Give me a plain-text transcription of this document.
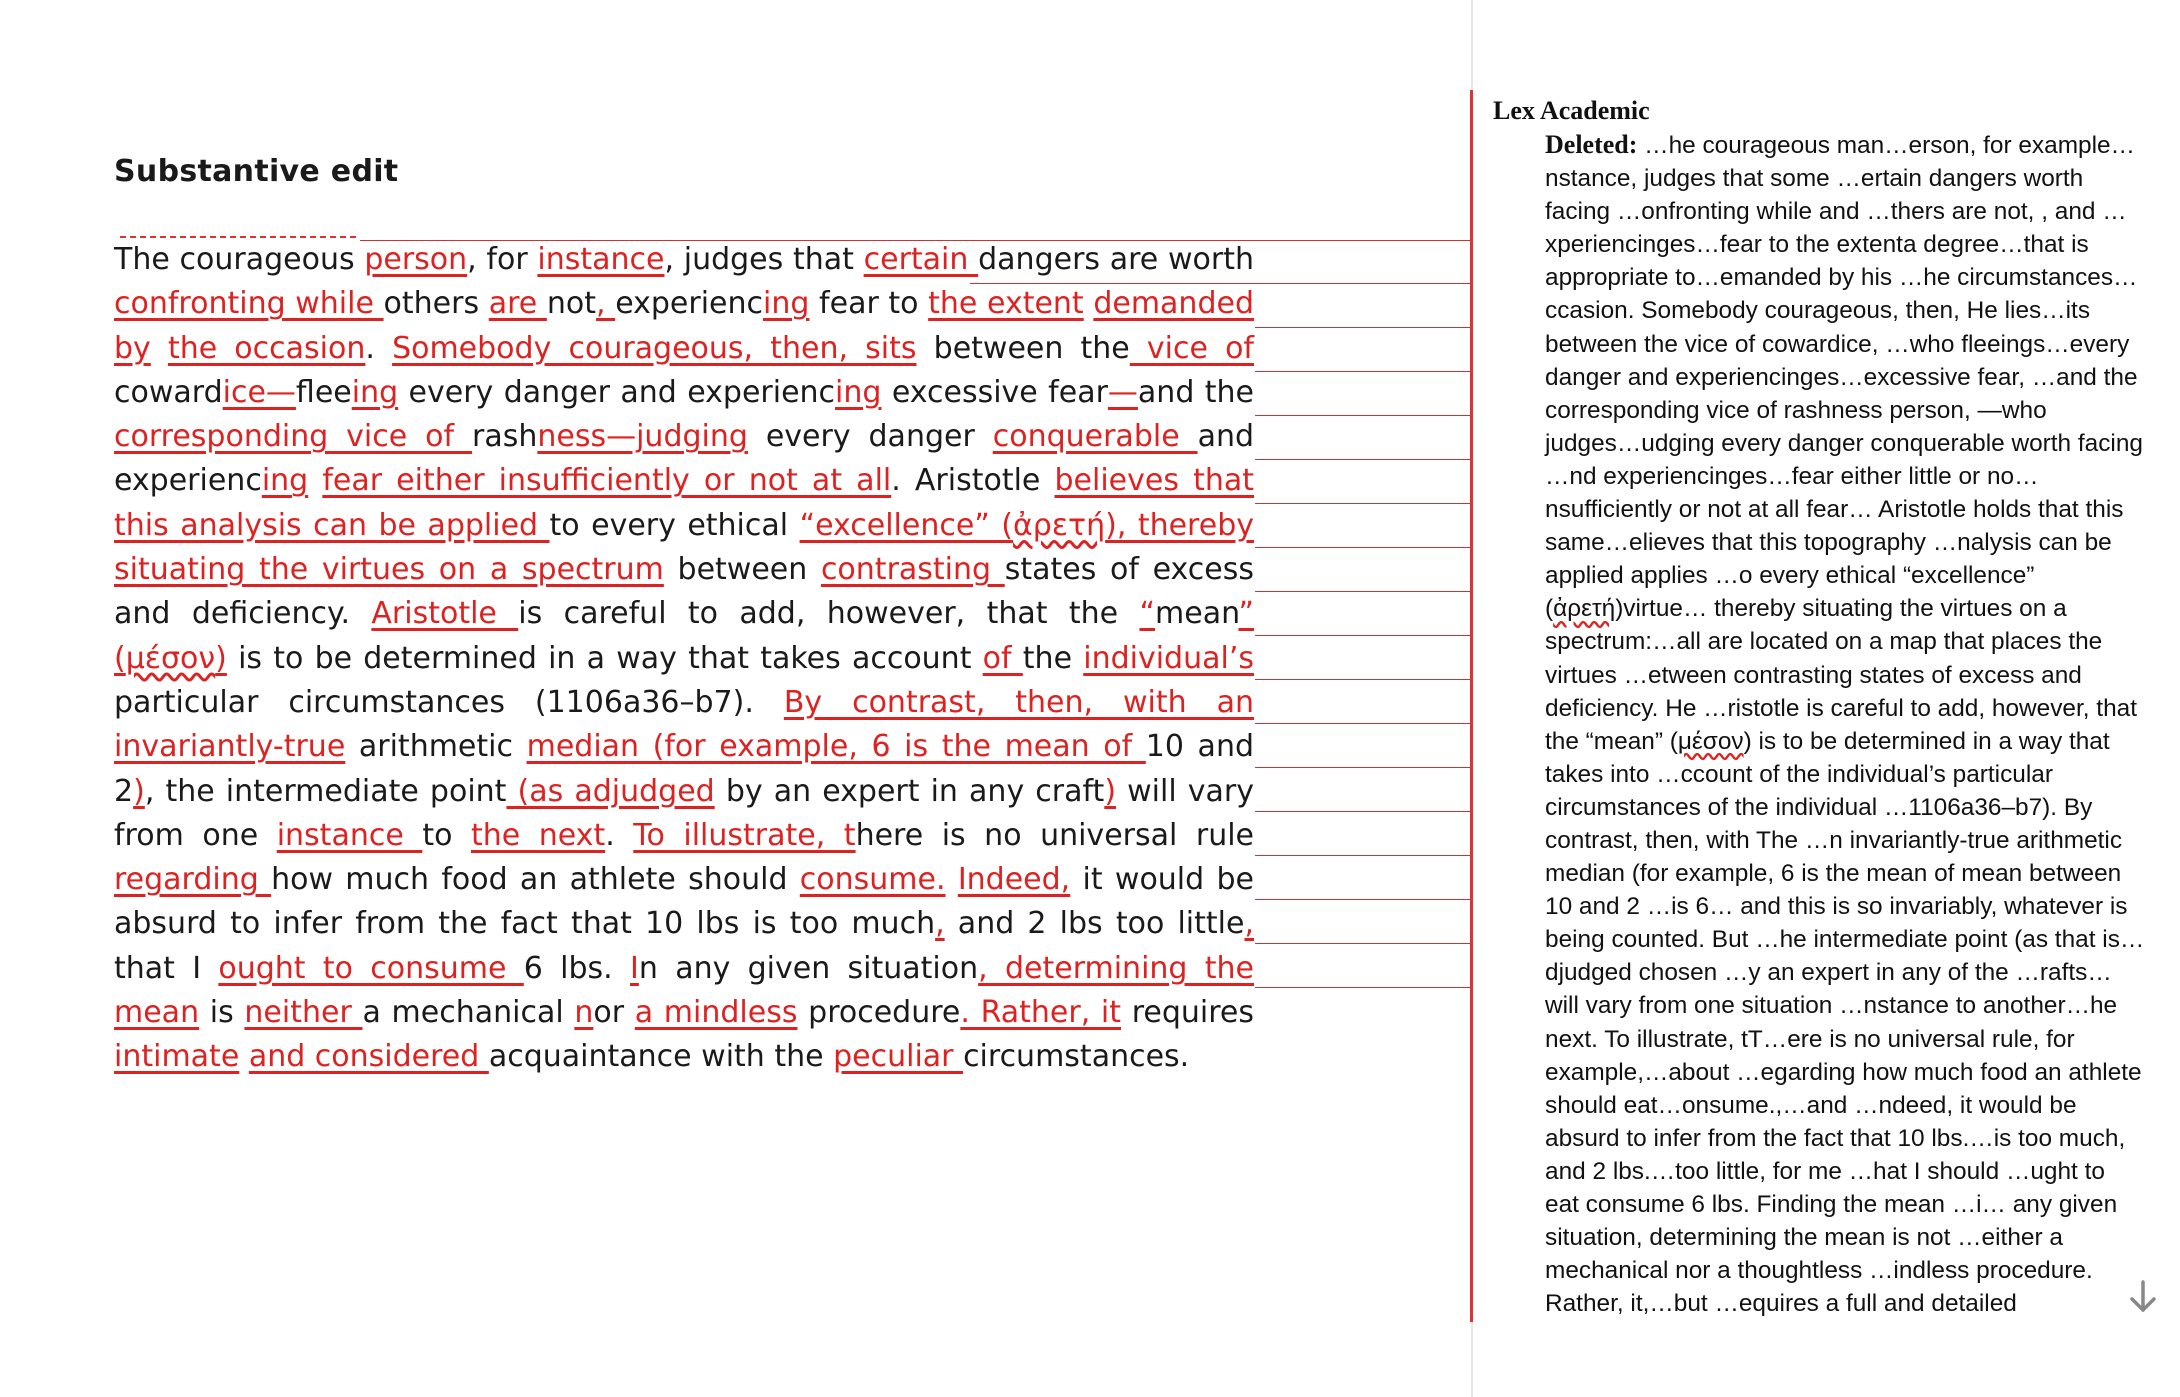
Substantive edit
The courageous person, for instance, judges that certain dangers are worth confronting while others are not, experiencing fear to the extent demanded by the occasion. Somebody courageous, then, sits between the vice of cowardice—fleeing every danger and experiencing excessive fear—and the corresponding vice of rashness—judging every danger conquerable and experiencing fear either insufficiently or not at all. Aristotle believes that this analysis can be applied to every ethical “excellence” (ἀρετή), thereby situating the virtues on a spectrum between contrasting states of excess and deficiency. Aristotle is careful to add, however, that the “mean” (μέσον) is to be determined in a way that takes account of the individual’s particular circumstances (1106a36–b7). By contrast, then, with an invariantly-true arithmetic median (for example, 6 is the mean of 10 and 2), the intermediate point (as adjudged by an expert in any craft) will vary from one instance to the next. To illustrate, there is no universal rule regarding how much food an athlete should consume. Indeed, it would be absurd to infer from the fact that 10 lbs is too much, and 2 lbs too little, that I ought to consume 6 lbs. In any given situation, determining the mean is neither a mechanical nor a mindless procedure. Rather, it requires intimate and considered acquaintance with the peculiar circumstances.
Lex Academic
Deleted: …he courageous man…erson, for example…nstance, judges that some …ertain dangers worth facing …onfronting while and …thers are not, , and …xperiencinges…fear to the extenta degree…that is appropriate to…emanded by his …he circumstances…ccasion. Somebody courageous, then, He lies…its between the vice of cowardice, …who fleeings…every danger and experiencinges…excessive fear, …and the corresponding vice of rashness person, —who judges…udging every danger conquerable worth facing …nd experiencinges…fear either little or no…nsufficiently or not at all fear… Aristotle holds that this same…elieves that this topography …nalysis can be applied applies …o every ethical “excellence” (ἀρετή)virtue… thereby situating the virtues on a spectrum:…all are located on a map that places the virtues …etween contrasting states of excess and deficiency. He …ristotle is careful to add, however, that the “mean” (μέσον) is to be determined in a way that takes into …ccount of the individual’s particular circumstances of the individual …1106a36–b7). By contrast, then, with The …n invariantly-true arithmetic median (for example, 6 is the mean of mean between 10 and 2 …is 6… and this is so invariably, whatever is being counted. But …he intermediate point (as that is…djudged chosen …y an expert in any of the …rafts… will vary from one situation …nstance to another…he next. To illustrate, tT…ere is no universal rule, for example,…about …egarding how much food an athlete should eat…onsume.,…and …ndeed, it would be absurd to infer from the fact that 10 lbs.…is too much, and 2 lbs.…too little, for me …hat I should …ught to eat consume 6 lbs. Finding the mean …i… any given situation, determining the mean is not …either a mechanical nor a thoughtless …indless procedure. Rather, it,…but …equires a full and detailed
